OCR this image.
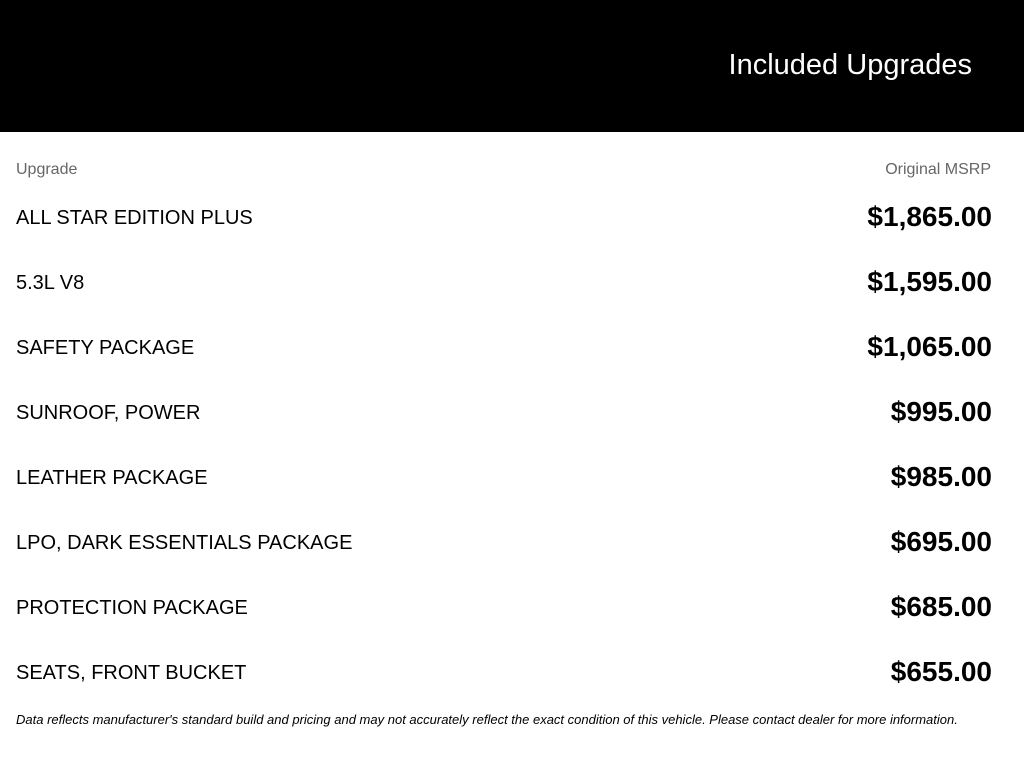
Included Upgrades
Upgrade	Original MSRP
ALL STAR EDITION PLUS	$1,865.00
5.3L V8	$1,595.00
SAFETY PACKAGE	$1,065.00
SUNROOF, POWER	$995.00
LEATHER PACKAGE	$985.00
LPO, DARK ESSENTIALS PACKAGE	$695.00
PROTECTION PACKAGE	$685.00
SEATS, FRONT BUCKET	$655.00
Data reflects manufacturer's standard build and pricing and may not accurately reflect the exact condition of this vehicle. Please contact dealer for more information.
